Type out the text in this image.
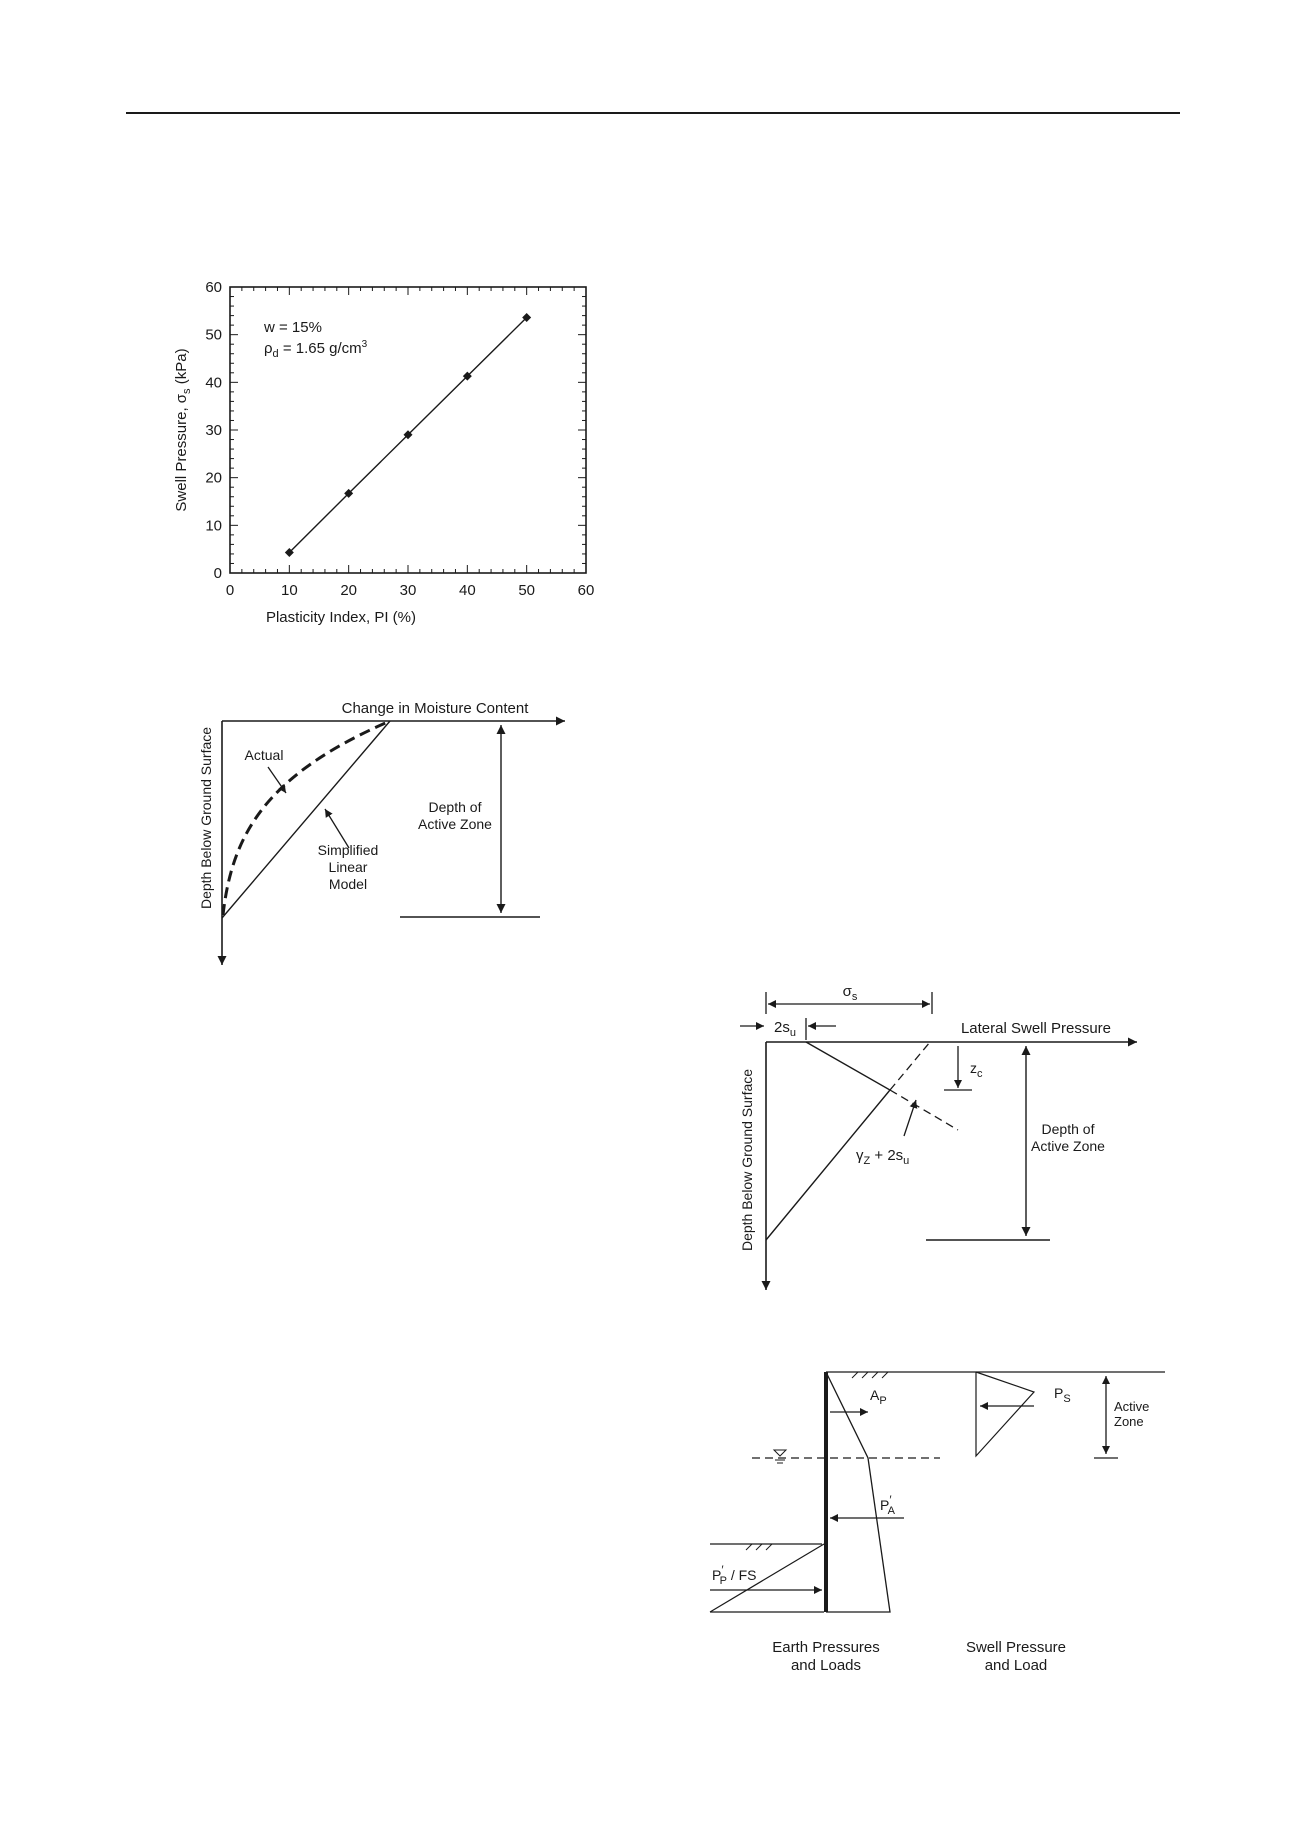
0	10	20	30	40	50	60
0
10
20
30
40
50
60
Plasticity Index, PI (%)
Swell Pressure, $\sigma_s$ (kPa)
w = 15%
$\rho_d = 1.65$ $g/cm^3$
Change in Moisture Content
Depth Below Ground Surface Actual
Simplified
Linear
Model
Depth of
Active Zone
Lateral Swell Pressure
Depth Below Ground Surface
$\sigma_s$
$2s_u$
$z_c$
$\gamma_Z + 2s_u$
Depth of
Active Zone
$A_P$
P′ A
P′ P / FS
$P_S$	Active
Zone
Earth Pressures
and Loads
Swell Pressure
and Load
